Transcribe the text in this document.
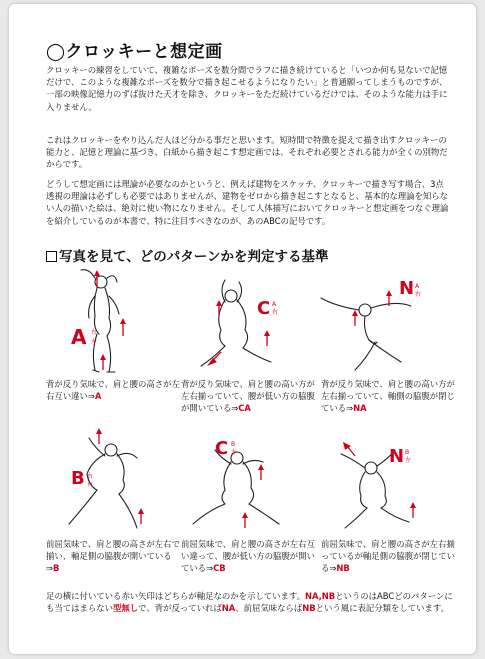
◯クロッキーと想定画

クロッキーの練習をしていて、複雑なポーズを数分間でラフに描き続けていると「いつか何も見ないで記憶だけで、このような複雑なポーズを数分で描き起こせるようになりたい」と普通願ってしまうものですが、一部の映像記憶力のずば抜けた天才を除き、クロッキーをただ続けているだけでは、そのような能力は手に入りません。

これはクロッキーをやり込んだ人ほど分かる事だと思います。短時間で特徴を捉えて描き出すクロッキーの能力と、記憶と理論に基づき、白紙から描き起こす想定画では、それぞれ必要とされる能力が全くの別物だからです。

どうして想定画には理論が必要なのかというと、例えば建物をスケッチ、クロッキーで描き写す場合、3点透視の理論は必ずしも必要ではありませんが、建物をゼロから描き起こすとなると、基本的な理論を知らない人の描いた絵は、絶対に使い物になりません。そして人体描写においてクロッキーと想定画をつなぐ理論を紹介しているのが本書で、特に注目すべきなのが、あのABCの記号です。

写真を見て、どのパターンかを判定する基準
A 右
左

背が反り気味で、肩と腰の高さが左右互い違い⇒A

C A
右

背が反り気味で、肩と腰の高い方が左右揃っていて、腰が低い方の脇腹が開いている⇒CA

N A
右

背が反り気味で、肩と腰の高い方が左右揃っていて、軸側の脇腹が閉じている⇒NA

B 右
右

前屈気味で、肩と腰の高さが左右で揃い、軸足側の脇腹が開いている⇒B

C B
左

前屈気味で、肩と腰の高さが左右互い違って、腰が低い方の脇腹が開いている⇒CB

N B
左

前屈気味で、肩と腰の高さが左右揃っているが軸足側の脇腹が閉じている⇒NB

足の横に付いている赤い矢印はどちらが軸足なのかを示しています。NA,NBというのはABCどのパターンにも当てはまらない型無しで、背が反っていればNA、前屈気味ならばNBという風に表記分類をしています。
